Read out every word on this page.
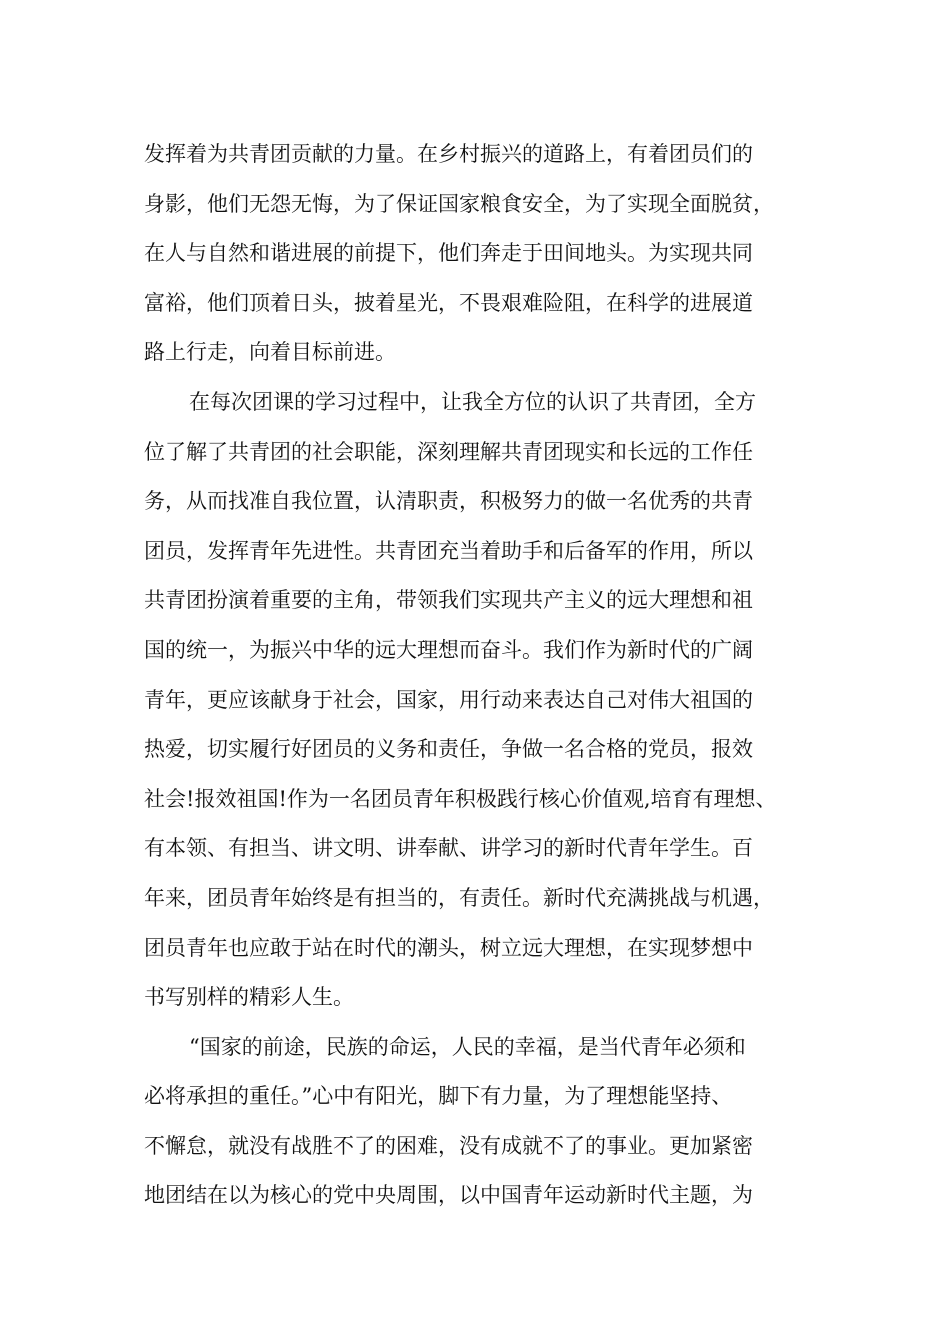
发挥着为共青团贡献的力量。在乡村振兴的道路上，有着团员们的
身影，他们无怨无悔，为了保证国家粮食安全，为了实现全面脱贫，
在人与自然和谐进展的前提下，他们奔走于田间地头。为实现共同
富裕，他们顶着日头，披着星光，不畏艰难险阻，在科学的进展道
路上行走，向着目标前进。
在每次团课的学习过程中，让我全方位的认识了共青团，全方
位了解了共青团的社会职能，深刻理解共青团现实和长远的工作任
务，从而找准自我位置，认清职责，积极努力的做一名优秀的共青
团员，发挥青年先进性。共青团充当着助手和后备军的作用，所以
共青团扮演着重要的主角，带领我们实现共产主义的远大理想和祖
国的统一，为振兴中华的远大理想而奋斗。我们作为新时代的广阔
青年，更应该献身于社会，国家，用行动来表达自己对伟大祖国的
热爱，切实履行好团员的义务和责任，争做一名合格的党员，报效
社会!报效祖国!作为一名团员青年积极践行核心价值观,培育有理想、
有本领、有担当、讲文明、讲奉献、讲学习的新时代青年学生。百
年来，团员青年始终是有担当的，有责任。新时代充满挑战与机遇，
团员青年也应敢于站在时代的潮头，树立远大理想，在实现梦想中
书写别样的精彩人生。
“国家的前途，民族的命运，人民的幸福，是当代青年必须和
必将承担的重任。”心中有阳光，脚下有力量，为了理想能坚持、
不懈怠，就没有战胜不了的困难，没有成就不了的事业。更加紧密
地团结在以为核心的党中央周围，以中国青年运动新时代主题，为
